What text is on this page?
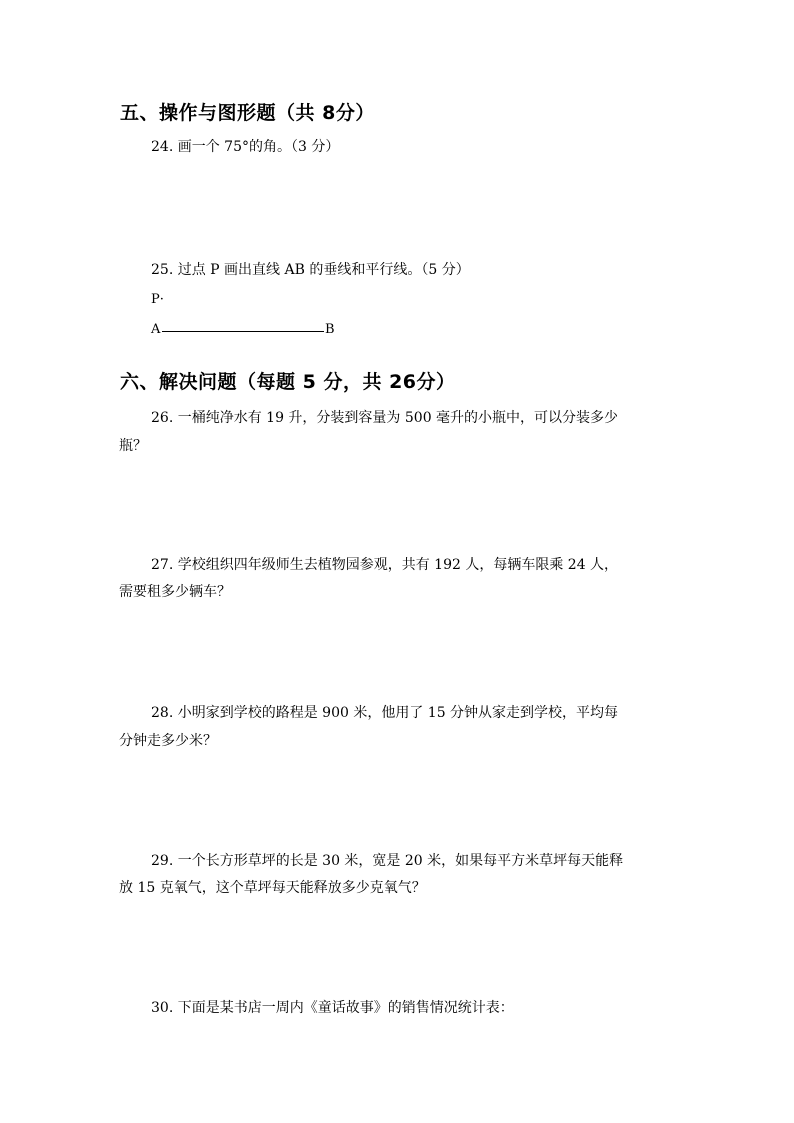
五、操作与图形题（共 8分）
24. 画一个 75°的角。（3 分）
25. 过点 P 画出直线 AB 的垂线和平行线。（5 分）
P·
A	B
六、解决问题（每题 5 分，共 26分）
26. 一桶纯净水有 19 升，分装到容量为 500 毫升的小瓶中，可以分装多少
瓶？
27. 学校组织四年级师生去植物园参观，共有 192 人，每辆车限乘 24 人，
需要租多少辆车？
28. 小明家到学校的路程是 900 米，他用了 15 分钟从家走到学校，平均每
分钟走多少米？
29. 一个长方形草坪的长是 30 米，宽是 20 米，如果每平方米草坪每天能释
放 15 克氧气，这个草坪每天能释放多少克氧气？
30. 下面是某书店一周内《童话故事》的销售情况统计表：
